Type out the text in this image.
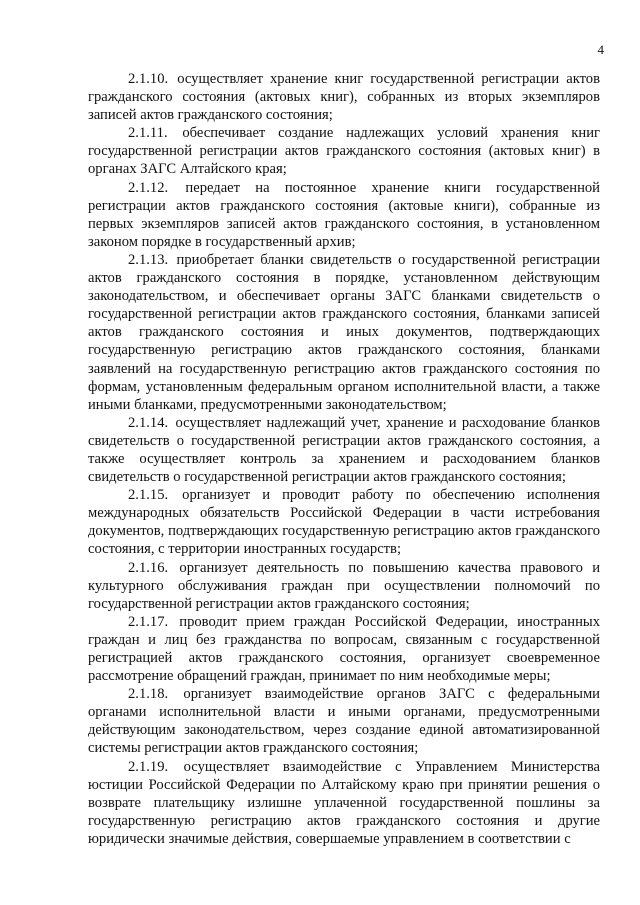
4

2.1.10. осуществляет хранение книг государственной регистрации актов гражданского состояния (актовых книг), собранных из вторых экземпляров записей актов гражданского состояния;

2.1.11. обеспечивает создание надлежащих условий хранения книг государственной регистрации актов гражданского состояния (актовых книг) в органах ЗАГС Алтайского края;

2.1.12. передает на постоянное хранение книги государственной регистрации актов гражданского состояния (актовые книги), собранные из первых экземпляров записей актов гражданского состояния, в установленном законом порядке в государственный архив;

2.1.13. приобретает бланки свидетельств о государственной регистрации актов гражданского состояния в порядке, установленном действующим законодательством, и обеспечивает органы ЗАГС бланками свидетельств о государственной регистрации актов гражданского состояния, бланками записей актов гражданского состояния и иных документов, подтверждающих государственную регистрацию актов гражданского состояния, бланками заявлений на государственную регистрацию актов гражданского состояния по формам, установленным федеральным органом исполнительной власти, а также иными бланками, предусмотренными законодательством;

2.1.14. осуществляет надлежащий учет, хранение и расходование бланков свидетельств о государственной регистрации актов гражданского состояния, а также осуществляет контроль за хранением и расходованием бланков свидетельств о государственной регистрации актов гражданского состояния;

2.1.15. организует и проводит работу по обеспечению исполнения международных обязательств Российской Федерации в части истребования документов, подтверждающих государственную регистрацию актов гражданского состояния, с территории иностранных государств;

2.1.16. организует деятельность по повышению качества правового и культурного обслуживания граждан при осуществлении полномочий по государственной регистрации актов гражданского состояния;

2.1.17. проводит прием граждан Российской Федерации, иностранных граждан и лиц без гражданства по вопросам, связанным с государственной регистрацией актов гражданского состояния, организует своевременное рассмотрение обращений граждан, принимает по ним необходимые меры;

2.1.18. организует взаимодействие органов ЗАГС с федеральными органами исполнительной власти и иными органами, предусмотренными действующим законодательством, через создание единой автоматизированной системы регистрации актов гражданского состояния;

2.1.19. осуществляет взаимодействие с Управлением Министерства юстиции Российской Федерации по Алтайскому краю при принятии решения о возврате плательщику излишне уплаченной государственной пошлины за государственную регистрацию актов гражданского состояния и другие юридически значимые действия, совершаемые управлением в соответствии с
